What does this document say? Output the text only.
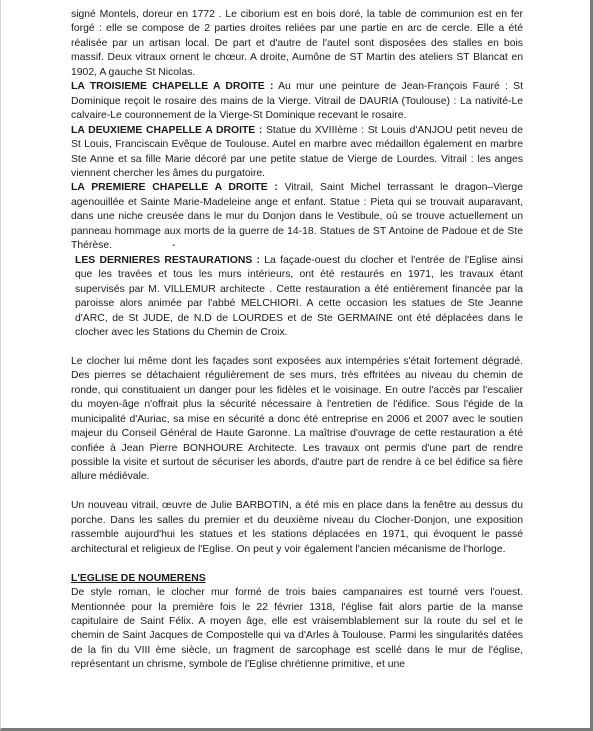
signé Montels, doreur en 1772 . Le ciborium est en bois doré, la table de communion est en fer forgé : elle se compose de 2 parties droites reliées par une partie en arc de cercle. Elle a été réalisée par un artisan local. De part et d'autre de l'autel sont disposées des stalles en bois massif. Deux vitraux ornent le chœur. A droite, Aumône de ST Martin des ateliers ST Blancat en 1902, A gauche St Nicolas.

LA TROISIEME CHAPELLE A DROITE : Au mur une peinture de Jean-François Fauré : St Dominique reçoit le rosaire des mains de la Vierge. Vitrail de DAURIA (Toulouse) : La nativité-Le calvaire-Le couronnement de la Vierge-St Dominique recevant le rosaire.

LA DEUXIEME CHAPELLE A DROITE : Statue du XVIIIème : St Louis d'ANJOU petit neveu de St Louis, Franciscain Evêque de Toulouse. Autel en marbre avec médaillon également en marbre Ste Anne et sa fille Marie décoré par une petite statue de Vierge de Lourdes. Vitrail : les anges viennent chercher les âmes du purgatoire.

LA PREMIERE CHAPELLE A DROITE : Vitrail, Saint Michel terrassant le dragon–Vierge agenouillée et Sainte Marie-Madeleine ange et enfant. Statue : Pieta qui se trouvait auparavant, dans une niche creusée dans le mur du Donjon dans le Vestibule, où se trouve actuellement un panneau hommage aux morts de la guerre de 14-18. Statues de ST Antoine de Padoue et de Ste Thérèse.	-

LES DERNIERES RESTAURATIONS : La façade-ouest du clocher et l'entrée de l'Eglise ainsi que les travées et tous les murs intérieurs, ont été restaurés en 1971, les travaux étant supervisés par M. VILLEMUR architecte . Cette restauration a été entièrement financée par la paroisse alors animée par l'abbé MELCHIORI. A cette occasion les statues de Ste Jeanne d'ARC, de St JUDE, de N.D de LOURDES et de Ste GERMAINE ont été déplacées dans le clocher avec les Stations du Chemin de Croix.

Le clocher lui même dont les façades sont exposées aux intempéries s'était fortement dégradé. Des pierres se détachaient régulièrement de ses murs, très effritées au niveau du chemin de ronde, qui constituaient un danger pour les fidèles et le voisinage. En outre l'accès par l'escalier du moyen-âge n'offrait plus la sécurité nécessaire à l'entretien de l'édifice. Sous l'égide de la municipalité d'Auriac, sa mise en sécurité a donc été entreprise en 2006 et 2007 avec le soutien majeur du Conseil Général de Haute Garonne. La maîtrise d'ouvrage de cette restauration a été confiée à Jean Pierre BONHOURE Architecte. Les travaux ont permis d'une part de rendre possible la visite et surtout de sécuriser les abords, d'autre part de rendre à ce bel édifice sa fière allure médiévale.

Un nouveau vitrail, œuvre de Julie BARBOTIN, a été mis en place dans la fenêtre au dessus du porche. Dans les salles du premier et du deuxième niveau du Clocher-Donjon, une exposition rassemble aujourd'hui les statues et les stations déplacées en 1971, qui évoquent le passé architectural et religieux de l'Eglise. On peut y voir également l'ancien mécanisme de l'horloge.

L'EGLISE DE NOUMERENS

De style roman, le clocher mur formé de trois baies campanaires est tourné vers l'ouest. Mentionnée pour la première fois le 22 février 1318, l'église fait alors partie de la manse capitulaire de Saint Félix. A moyen âge, elle est vraisemblablement sur la route du sel et le chemin de Saint Jacques de Compostelle qui va d'Arles à Toulouse. Parmi les singularités datées de la fin du VIII ème siècle, un fragment de sarcophage est scellé dans le mur de l'église, représentant un chrisme, symbole de l'Eglise chrétienne primitive, et une
